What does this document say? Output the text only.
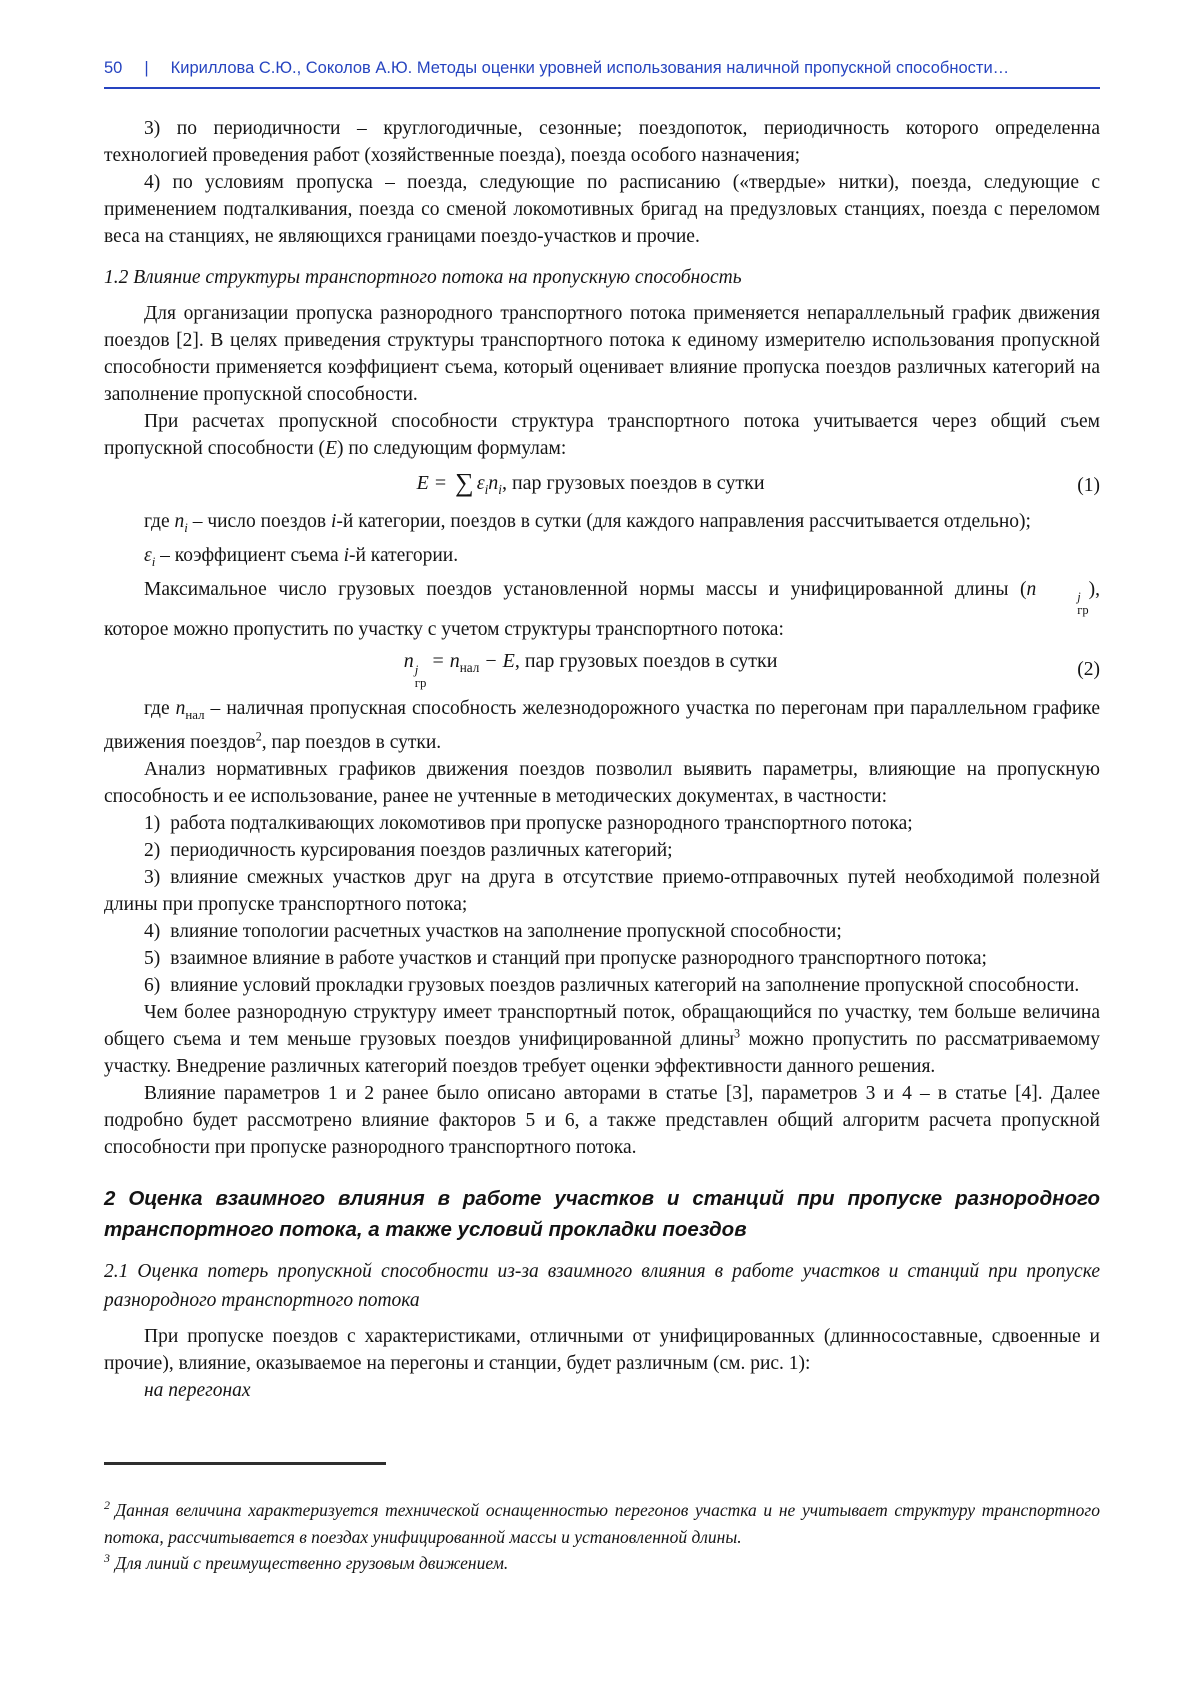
50 | Кириллова С.Ю., Соколов А.Ю. Методы оценки уровней использования наличной пропускной способности…

3) по периодичности – круглогодичные, сезонные; поездопоток, периодичность которого определенна технологией проведения работ (хозяйственные поезда), поезда особого назначения;

4) по условиям пропуска – поезда, следующие по расписанию («твердые» нитки), поезда, следующие с применением подталкивания, поезда со сменой локомотивных бригад на предузловых станциях, поезда с переломом веса на станциях, не являющихся границами поездо-участков и прочие.

1.2 Влияние структуры транспортного потока на пропускную способность

Для организации пропуска разнородного транспортного потока применяется непараллельный график движения поездов [2]. В целях приведения структуры транспортного потока к единому измерителю использования пропускной способности применяется коэффициент съема, который оценивает влияние пропуска поездов различных категорий на заполнение пропускной способности.

При расчетах пропускной способности структура транспортного потока учитывается через общий съем пропускной способности (E) по следующим формулам:

E = ∑ $\varepsilon_in_i$, пар грузовых поездов в сутки	(1)

где $n_i$ – число поездов i-й категории, поездов в сутки (для каждого направления рассчитывается отдельно);

$\varepsilon_i$ – коэффициент съема i-й категории.

Максимальное число грузовых поездов установленной нормы массы и унифицированной длины (n	j
гр
), которое можно пропустить по участку с учетом структуры транспортного потока:

n j
гр
= $n_{нал} - E$, пар грузовых поездов в сутки	(2)

где $n_{нал}$ – наличная пропускная способность железнодорожного участка по перегонам при параллельном графике движения поездов$^2$, пар поездов в сутки.

Анализ нормативных графиков движения поездов позволил выявить параметры, влияющие на пропускную способность и ее использование, ранее не учтенные в методических документах, в частности:

1) работа подталкивающих локомотивов при пропуске разнородного транспортного потока;

2) периодичность курсирования поездов различных категорий;

3) влияние смежных участков друг на друга в отсутствие приемо-отправочных путей необходимой полезной длины при пропуске транспортного потока;

4) влияние топологии расчетных участков на заполнение пропускной способности;

5) взаимное влияние в работе участков и станций при пропуске разнородного транспортного потока;

6) влияние условий прокладки грузовых поездов различных категорий на заполнение пропускной способности.

Чем более разнородную структуру имеет транспортный поток, обращающийся по участку, тем больше величина общего съема и тем меньше грузовых поездов унифицированной длины$^3$ можно пропустить по рассматриваемому участку. Внедрение различных категорий поездов требует оценки эффективности данного решения.

Влияние параметров 1 и 2 ранее было описано авторами в статье [3], параметров 3 и 4 – в статье [4]. Далее подробно будет рассмотрено влияние факторов 5 и 6, а также представлен общий алгоритм расчета пропускной способности при пропуске разнородного транспортного потока.

2 Оценка взаимного влияния в работе участков и станций при пропуске разнородного транспортного потока, а также условий прокладки поездов
2.1 Оценка потерь пропускной способности из-за взаимного влияния в работе участков и станций при пропуске разнородного транспортного потока

При пропуске поездов с характеристиками, отличными от унифицированных (длинносоставные, сдвоенные и прочие), влияние, оказываемое на перегоны и станции, будет различным (см. рис. 1):

на перегонах

$^2$ Данная величина характеризуется технической оснащенностью перегонов участка и не учитывает структуру транспортного потока, рассчитывается в поездах унифицированной массы и установленной длины.

$^3$ Для линий с преимущественно грузовым движением.
